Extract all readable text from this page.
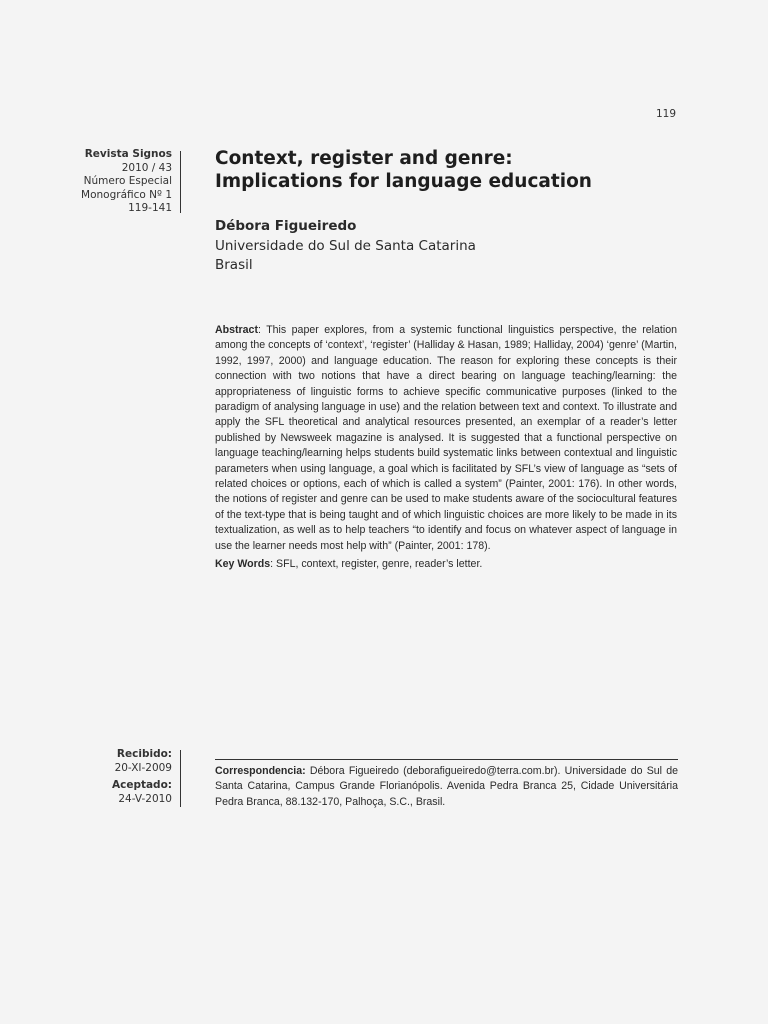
119
Revista Signos
2010 / 43
Número Especial
Monográfico Nº 1
119-141
Context, register and genre:
Implications for language education
Débora Figueiredo
Universidade do Sul de Santa Catarina
Brasil

Abstract: This paper explores, from a systemic functional linguistics perspective, the relation among the concepts of ‘context’, ‘register’ (Halliday & Hasan, 1989; Halliday, 2004) ‘genre’ (Martin, 1992, 1997, 2000) and language education. The reason for exploring these concepts is their connection with two notions that have a direct bearing on language teaching/learning: the appropriateness of linguistic forms to achieve specific communicative purposes (linked to the paradigm of analysing language in use) and the relation between text and context. To illustrate and apply the SFL theoretical and analytical resources presented, an exemplar of a reader’s letter published by Newsweek magazine is analysed. It is suggested that a functional perspective on language teaching/learning helps students build systematic links between contextual and linguistic parameters when using language, a goal which is facilitated by SFL’s view of language as “sets of related choices or options, each of which is called a system” (Painter, 2001: 176). In other words, the notions of register and genre can be used to make students aware of the sociocultural features of the text-type that is being taught and of which linguistic choices are more likely to be made in its textualization, as well as to help teachers “to identify and focus on whatever aspect of language in use the learner needs most help with” (Painter, 2001: 178).

Key Words: SFL, context, register, genre, reader’s letter.

Recibido:
20-XI-2009
Aceptado:
24-V-2010
Correspondencia: Débora Figueiredo (deborafigueiredo@terra.com.br). Universidade do Sul de Santa Catarina, Campus Grande Florianópolis. Avenida Pedra Branca 25, Cidade Universitária Pedra Branca, 88.132-170, Palhoça, S.C., Brasil.
